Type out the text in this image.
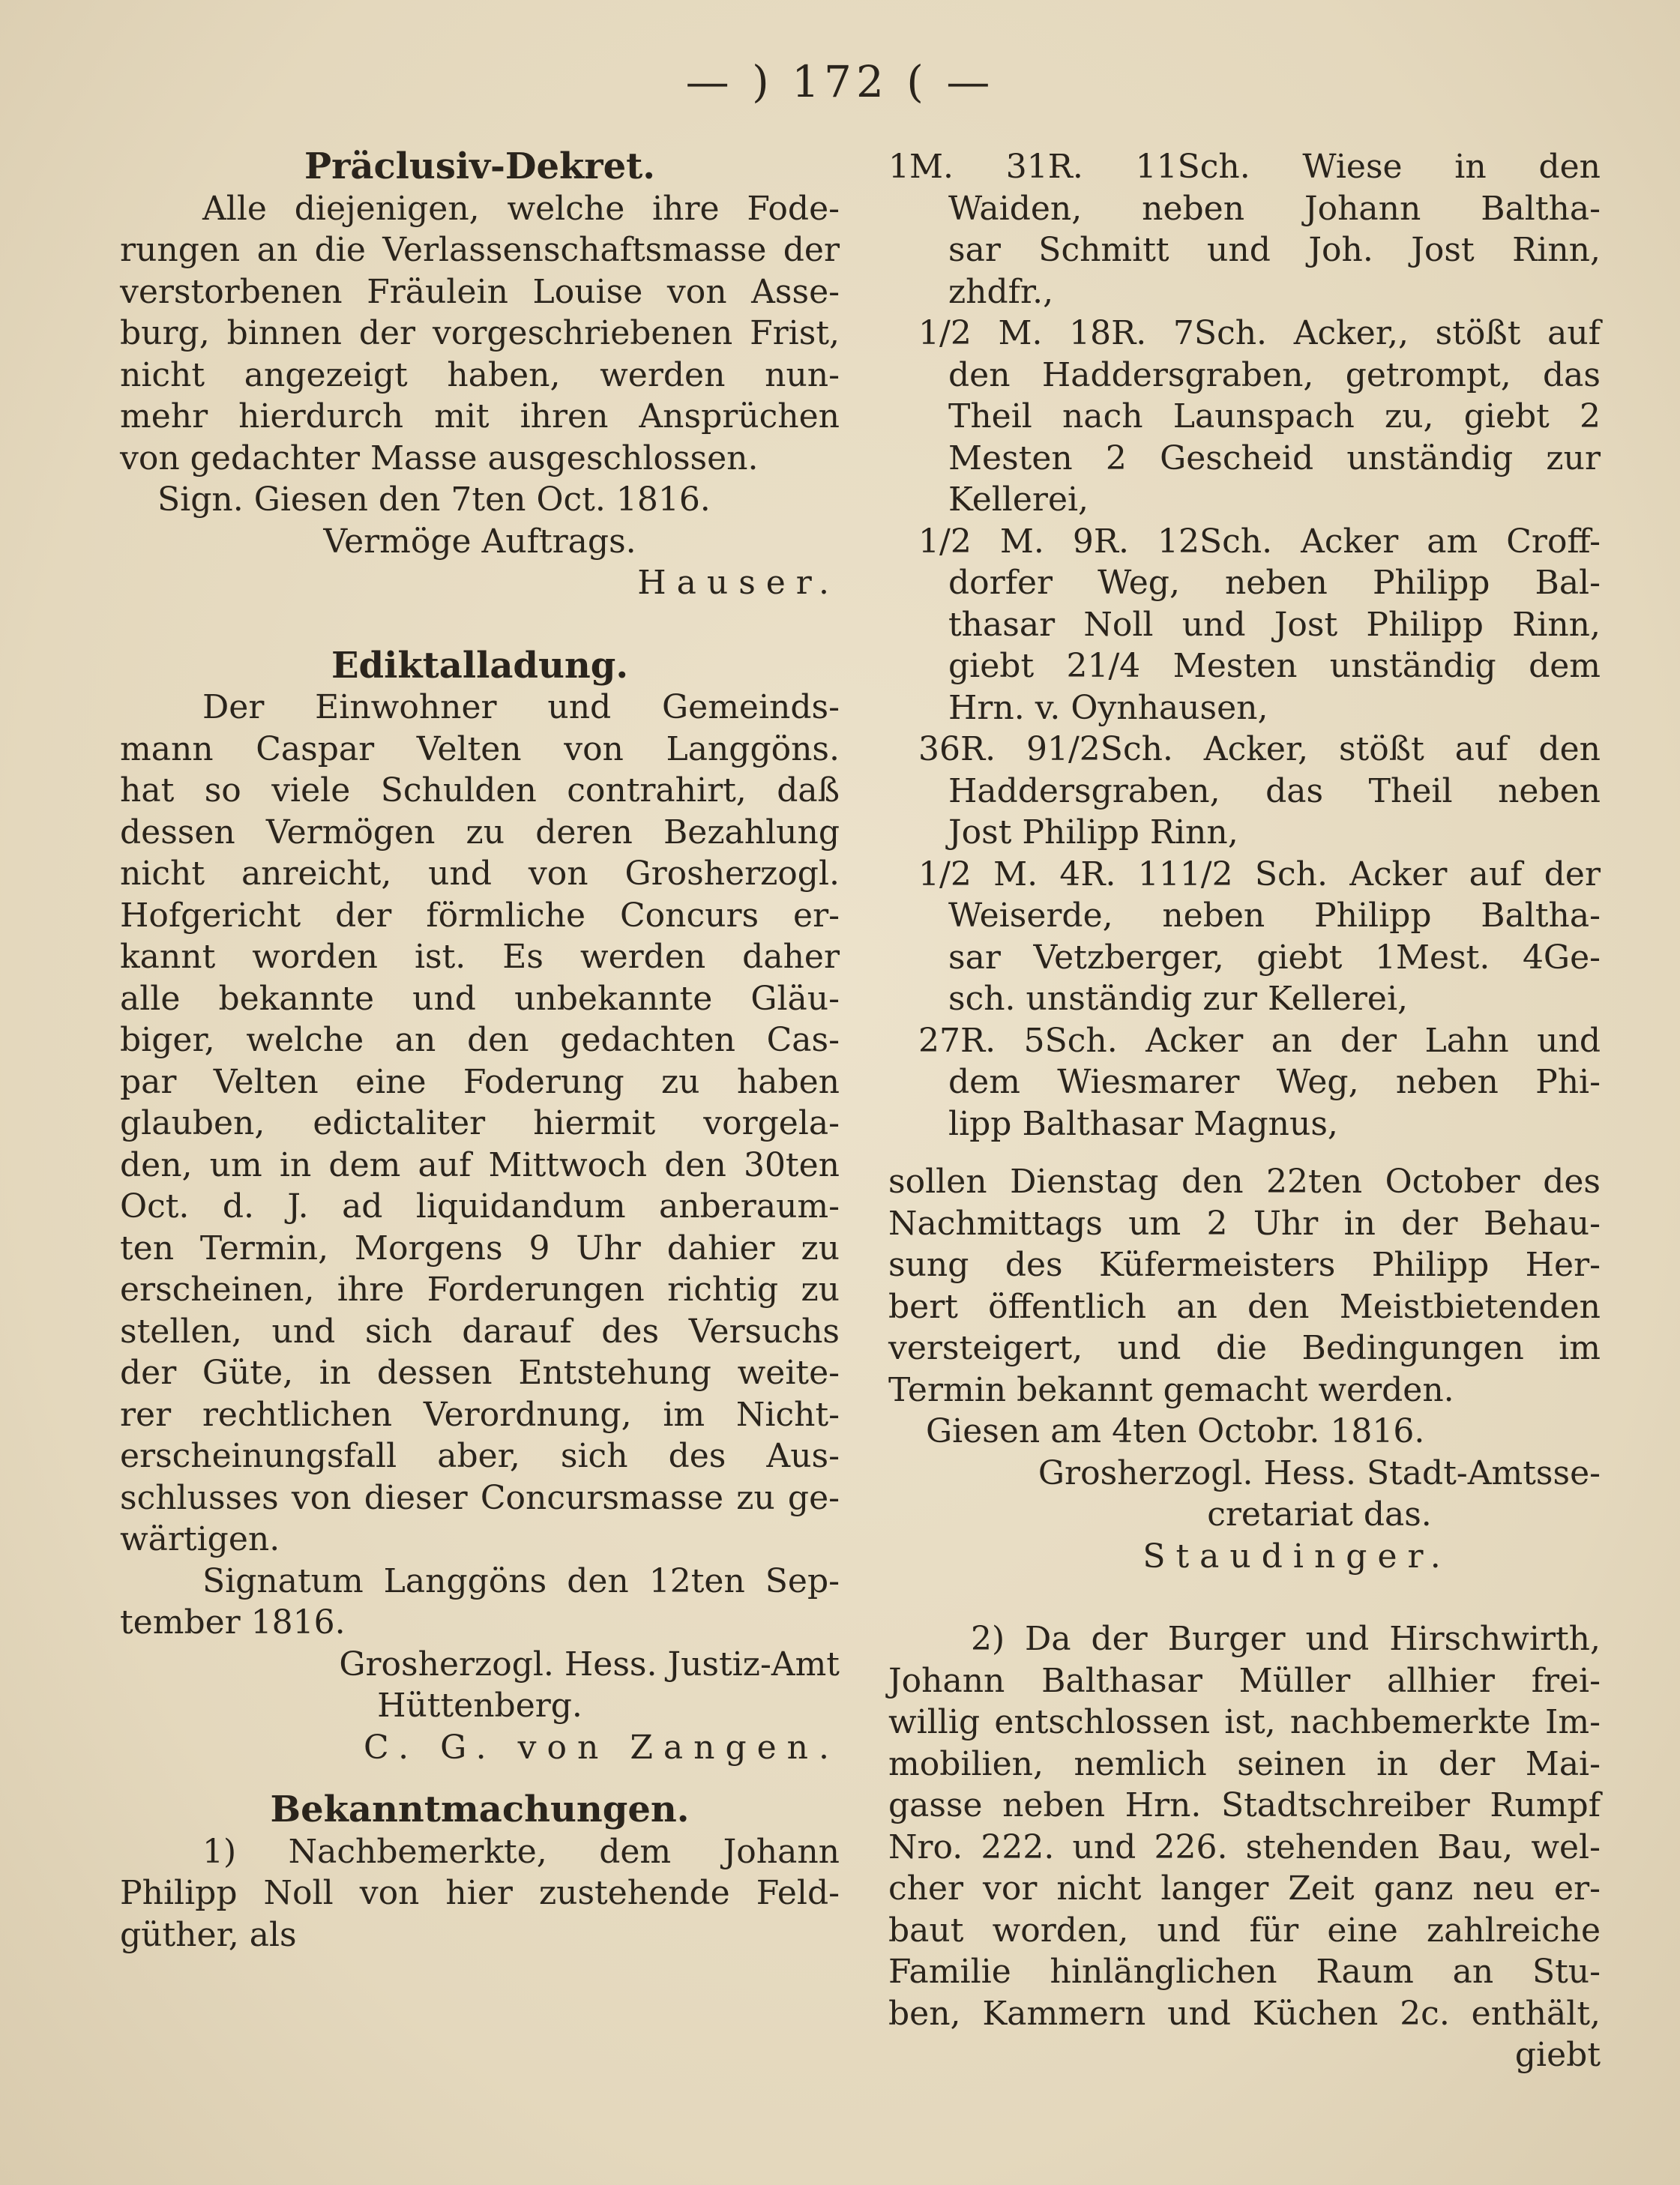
— ) 172 ( —

Präclusiv-Dekret.

Alle diejenigen, welche ihre Fode-

rungen an die Verlassenschaftsmasse der

verstorbenen Fräulein Louise von Asse-

burg, binnen der vorgeschriebenen Frist,

nicht angezeigt haben, werden nun-

mehr hierdurch mit ihren Ansprüchen

von gedachter Masse ausgeschlossen.

Sign. Giesen den 7ten Oct. 1816.

Vermöge Auftrags.

Hauser.

Ediktalladung.

Der Einwohner und Gemeinds-

mann Caspar Velten von Langgöns.

hat so viele Schulden contrahirt, daß

dessen Vermögen zu deren Bezahlung

nicht anreicht, und von Grosherzogl.

Hofgericht der förmliche Concurs er-

kannt worden ist. Es werden daher

alle bekannte und unbekannte Gläu-

biger, welche an den gedachten Cas-

par Velten eine Foderung zu haben

glauben, edictaliter hiermit vorgela-

den, um in dem auf Mittwoch den 30ten

Oct. d. J. ad liquidandum anberaum-

ten Termin, Morgens 9 Uhr dahier zu

erscheinen, ihre Forderungen richtig zu

stellen, und sich darauf des Versuchs

der Güte, in dessen Entstehung weite-

rer rechtlichen Verordnung, im Nicht-

erscheinungsfall aber, sich des Aus-

schlusses von dieser Concursmasse zu ge-

wärtigen.

Signatum Langgöns den 12ten Sep-

tember 1816.

Grosherzogl. Hess. Justiz-Amt

Hüttenberg.

C. G. von Zangen.

Bekanntmachungen.

1) Nachbemerkte, dem Johann

Philipp Noll von hier zustehende Feld-

güther, als

1M. 31R. 11Sch. Wiese in den

Waiden, neben Johann Baltha-

sar Schmitt und Joh. Jost Rinn,

zhdfr.,

1/2 M. 18R. 7Sch. Acker,, stößt auf

den Haddersgraben, getrompt, das

Theil nach Launspach zu, giebt 2

Mesten 2 Gescheid unständig zur

Kellerei,

1/2 M. 9R. 12Sch. Acker am Croff-

dorfer Weg, neben Philipp Bal-

thasar Noll und Jost Philipp Rinn,

giebt 21/4 Mesten unständig dem

Hrn. v. Oynhausen,

36R. 91/2Sch. Acker, stößt auf den

Haddersgraben, das Theil neben

Jost Philipp Rinn,

1/2 M. 4R. 111/2 Sch. Acker auf der

Weiserde, neben Philipp Baltha-

sar Vetzberger, giebt 1Mest. 4Ge-

sch. unständig zur Kellerei,

27R. 5Sch. Acker an der Lahn und

dem Wiesmarer Weg, neben Phi-

lipp Balthasar Magnus,

sollen Dienstag den 22ten October des

Nachmittags um 2 Uhr in der Behau-

sung des Küfermeisters Philipp Her-

bert öffentlich an den Meistbietenden

versteigert, und die Bedingungen im

Termin bekannt gemacht werden.

Giesen am 4ten Octobr. 1816.

Grosherzogl. Hess. Stadt-Amtsse-

cretariat das.

Staudinger.

2) Da der Burger und Hirschwirth,

Johann Balthasar Müller allhier frei-

willig entschlossen ist, nachbemerkte Im-

mobilien, nemlich seinen in der Mai-

gasse neben Hrn. Stadtschreiber Rumpf

Nro. 222. und 226. stehenden Bau, wel-

cher vor nicht langer Zeit ganz neu er-

baut worden, und für eine zahlreiche

Familie hinlänglichen Raum an Stu-

ben, Kammern und Küchen 2c. enthält,

giebt
